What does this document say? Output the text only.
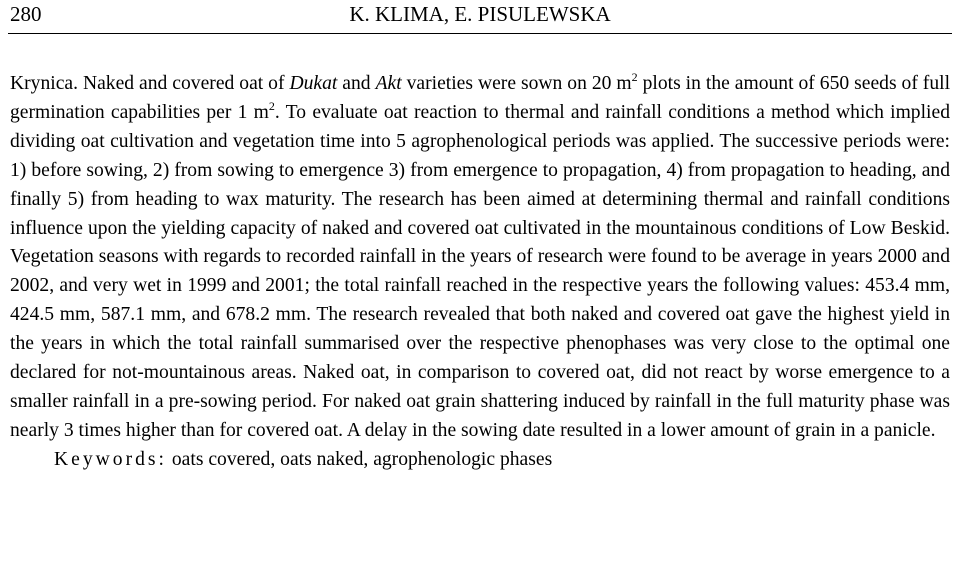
280	K. KLIMA, E. PISULEWSKA

Krynica. Naked and covered oat of Dukat and Akt varieties were sown on 20 $m^2$ plots in the amount of 650 seeds of full germination capabilities per 1 $m^2$. To evaluate oat reaction to thermal and rainfall conditions a method which implied dividing oat cultivation and vegetation time into 5 agrophenological periods was applied. The successive periods were: 1) before sowing, 2) from sowing to emergence 3) from emergence to propagation, 4) from propagation to heading, and finally 5) from heading to wax maturity. The research has been aimed at determining thermal and rainfall conditions influence upon the yielding capacity of naked and covered oat cultivated in the mountainous conditions of Low Beskid. Vegetation seasons with regards to recorded rainfall in the years of research were found to be average in years 2000 and 2002, and very wet in 1999 and 2001; the total rainfall reached in the respective years the following values: 453.4 mm, 424.5 mm, 587.1 mm, and 678.2 mm. The research revealed that both naked and covered oat gave the highest yield in the years in which the total rainfall summarised over the respective phenophases was very close to the optimal one declared for not-mountainous areas. Naked oat, in comparison to covered oat, did not react by worse emergence to a smaller rainfall in a pre-sowing period. For naked oat grain shattering induced by rainfall in the full maturity phase was nearly 3 times higher than for covered oat. A delay in the sowing date resulted in a lower amount of grain in a panicle.

Keywords: oats covered, oats naked, agrophenologic phases
